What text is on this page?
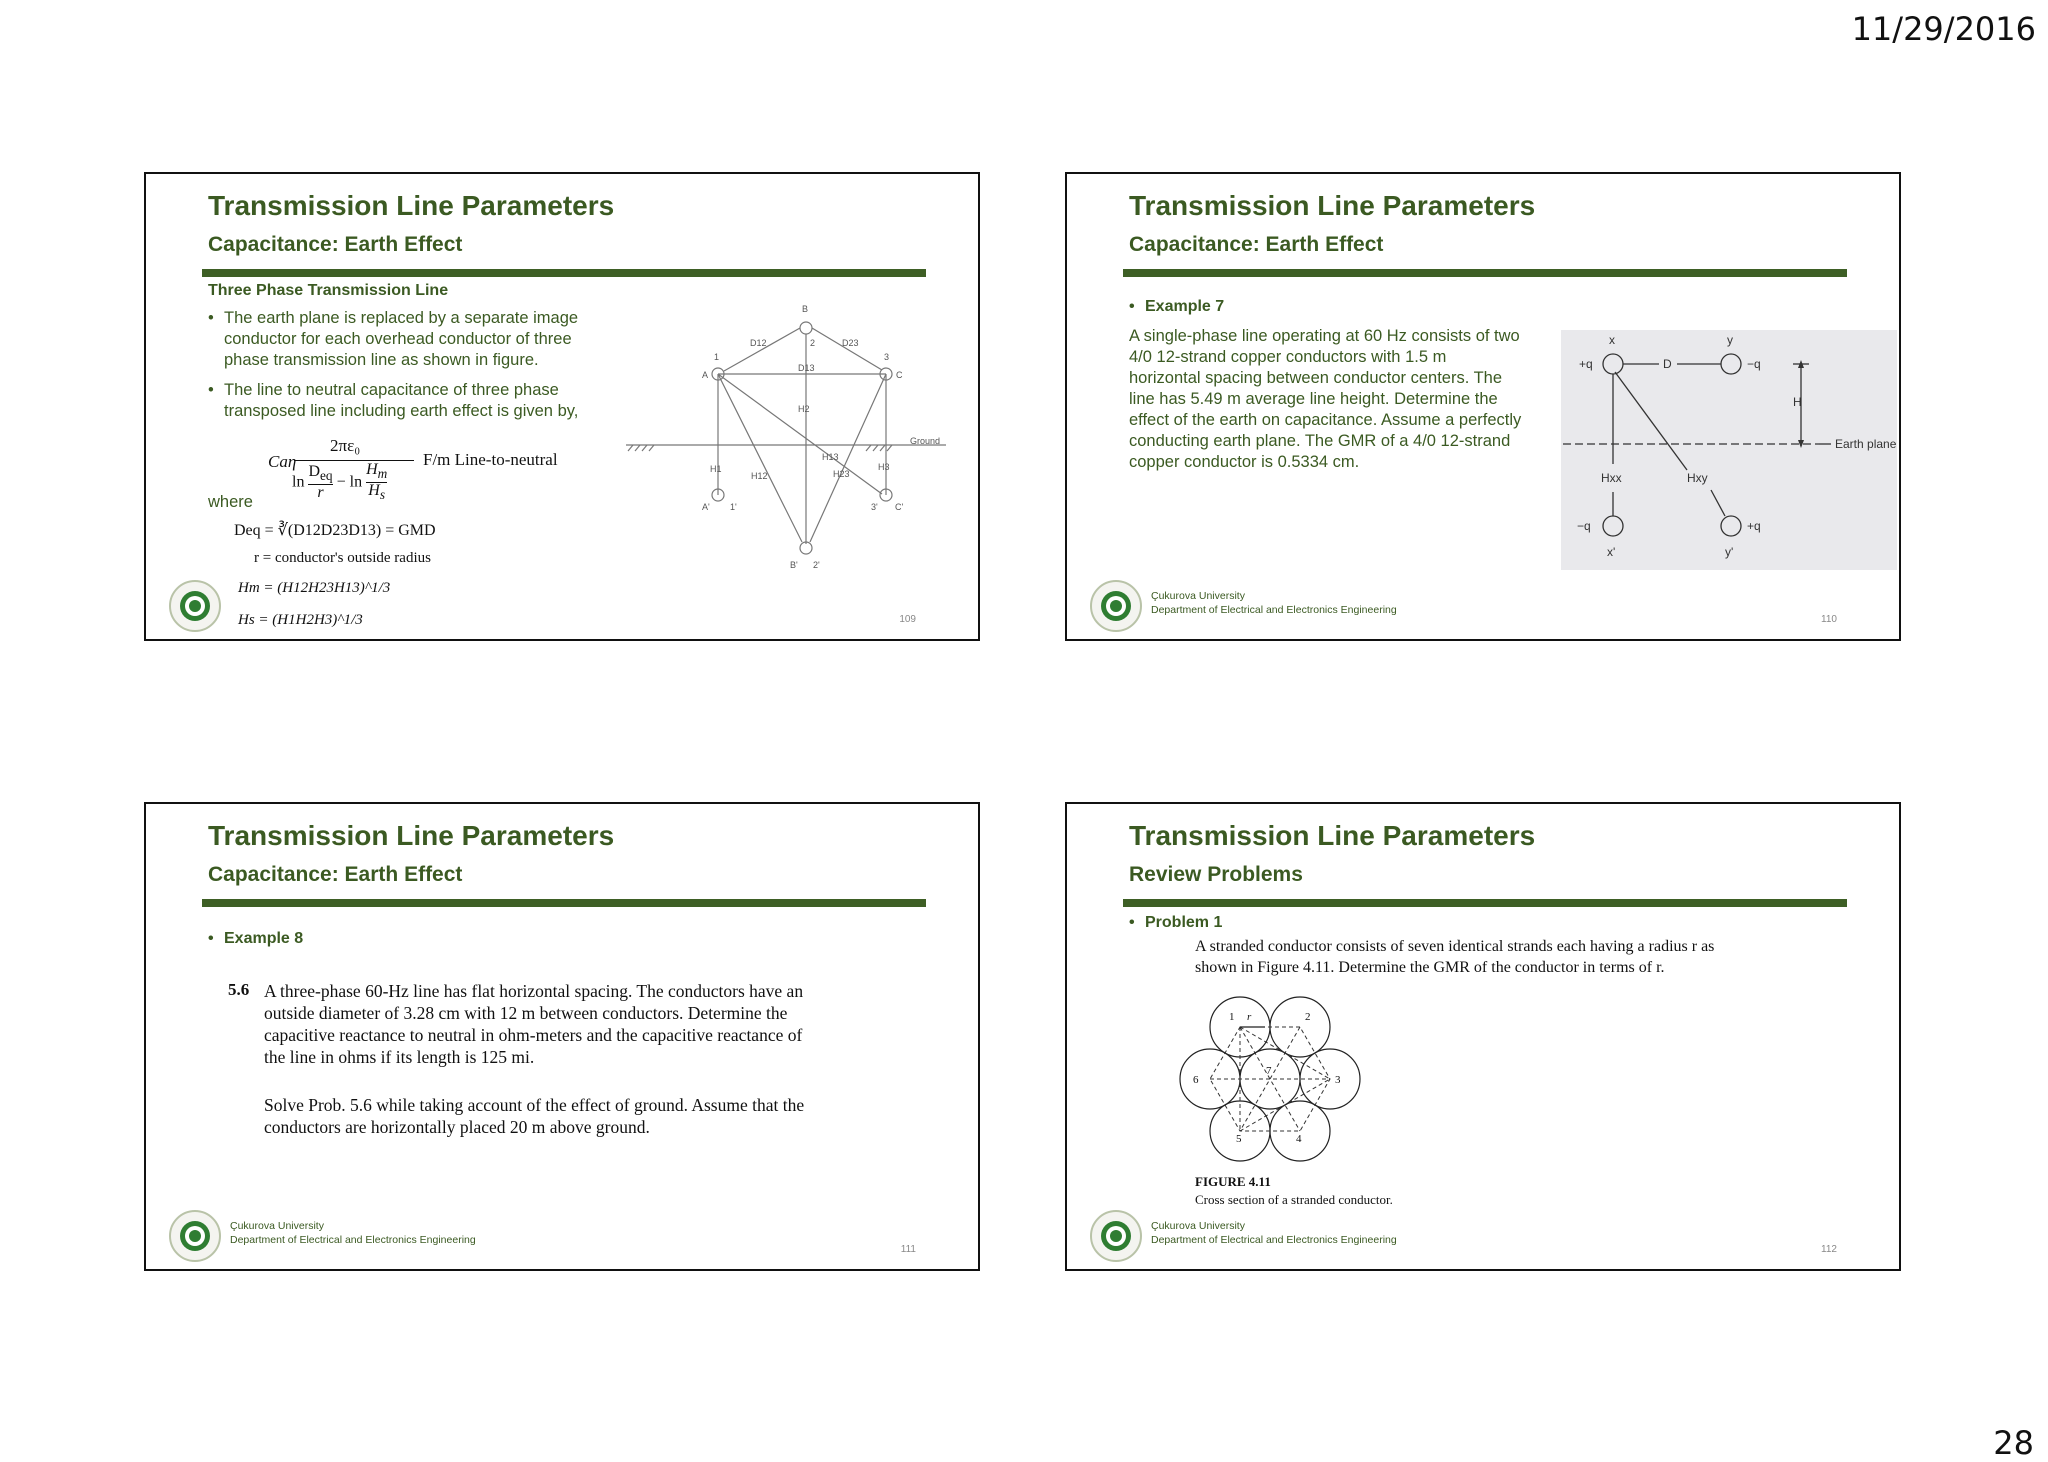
11/29/2016
Transmission Line Parameters
Capacitance: Earth Effect
Three Phase Transmission Line
• The earth plane is replaced by a separate image
conductor for each overhead conductor of three
phase transmission line as shown in figure.
• The line to neutral capacitance of three phase
transposed line including earth effect is given by,
Caη
2πε₀
ln
$D_{eq}$
r
− $\ln \frac{H_m}{H_s}$
F/m Line-to-neutral
where
Deq = ∛(D12D23D13) = GMD
r = conductor's outside radius
Hm = (H12H23H13)^1/3
Hs = (H1H2H3)^1/3
B
2
1	3
A	C
D12	D23
D13
H2
Ground
H1
H12
H13
H23
H3
A' 1'	3' C'
B' 2'
109
Transmission Line Parameters
Capacitance: Earth Effect
• Example 7
A single-phase line operating at 60 Hz consists of two
4/0 12-strand copper conductors with 1.5 m
horizontal spacing between conductor centers. The
line has 5.49 m average line height. Determine the
effect of the earth on capacitance. Assume a perfectly
conducting earth plane. The GMR of a 4/0 12-strand
copper conductor is 0.5334 cm.
x	y
+q	−q
D
H
Earth plane
Hxx	Hxy
−q	+q
x'	y'
Çukurova University
Department of Electrical and Electronics Engineering
110
Transmission Line Parameters
Capacitance: Earth Effect
• Example 8
5.6 A three-phase 60-Hz line has flat horizontal spacing. The conductors have an
outside diameter of 3.28 cm with 12 m between conductors. Determine the
capacitive reactance to neutral in ohm-meters and the capacitive reactance of
the line in ohms if its length is 125 mi.
Solve Prob. 5.6 while taking account of the effect of ground. Assume that the
conductors are horizontally placed 20 m above ground.
Çukurova University
Department of Electrical and Electronics Engineering
111
Transmission Line Parameters
Review Problems
• Problem 1
A stranded conductor consists of seven identical strands each having a radius r as
shown in Figure 4.11. Determine the GMR of the conductor in terms of r.
1	2
3
4
5
6
7
r
FIGURE 4.11
Cross section of a stranded conductor.
Çukurova University
Department of Electrical and Electronics Engineering
112
28
